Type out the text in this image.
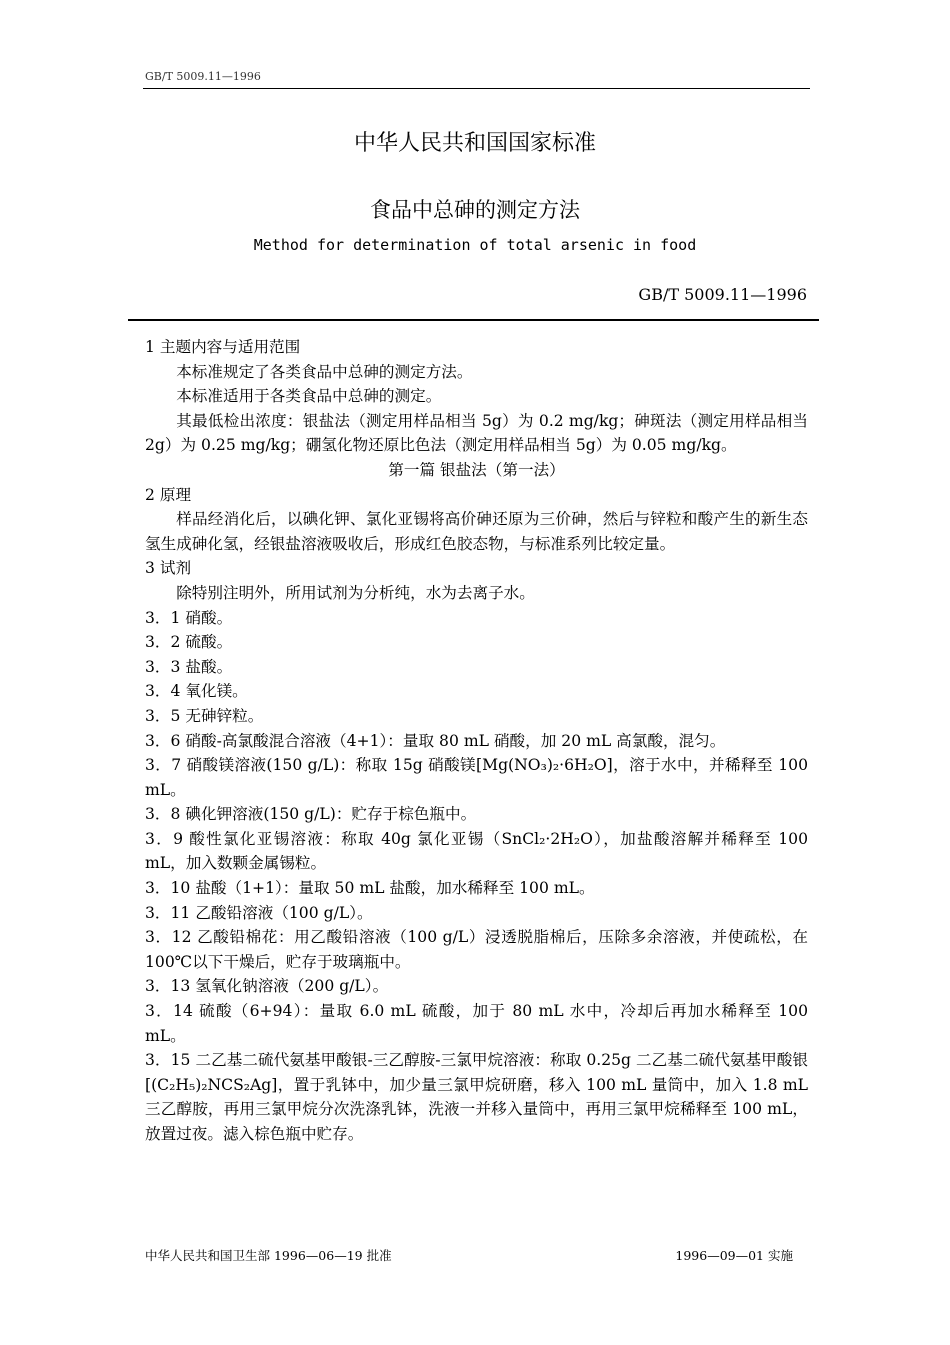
GB/T 5009.11—1996
中华人民共和国国家标准
食品中总砷的测定方法
Method for determination of total arsenic in food
GB/T 5009.11—1996

1 主题内容与适用范围

本标准规定了各类食品中总砷的测定方法。

本标准适用于各类食品中总砷的测定。

其最低检出浓度：银盐法（测定用样品相当 5g）为 0.2 mg/kg；砷斑法（测定用样品相当 2g）为 0.25 mg/kg；硼氢化物还原比色法（测定用样品相当 5g）为 0.05 mg/kg。

第一篇 银盐法（第一法）

2 原理

样品经消化后，以碘化钾、氯化亚锡将高价砷还原为三价砷，然后与锌粒和酸产生的新生态氢生成砷化氢，经银盐溶液吸收后，形成红色胶态物，与标准系列比较定量。

3 试剂

除特别注明外，所用试剂为分析纯，水为去离子水。

3．1 硝酸。

3．2 硫酸。

3．3 盐酸。

3．4 氧化镁。

3．5 无砷锌粒。

3．6 硝酸-高氯酸混合溶液（4+1）：量取 80 mL 硝酸，加 20 mL 高氯酸，混匀。

3．7 硝酸镁溶液(150 g/L)：称取 15g 硝酸镁[Mg(NO₃)₂·6H₂O]，溶于水中，并稀释至 100 mL。

3．8 碘化钾溶液(150 g/L)：贮存于棕色瓶中。

3．9 酸性氯化亚锡溶液：称取 40g 氯化亚锡（SnCl₂·2H₂O），加盐酸溶解并稀释至 100 mL，加入数颗金属锡粒。

3．10 盐酸（1+1）：量取 50 mL 盐酸，加水稀释至 100 mL。

3．11 乙酸铅溶液（100 g/L）。

3．12 乙酸铅棉花：用乙酸铅溶液（100 g/L）浸透脱脂棉后，压除多余溶液，并使疏松，在 100℃以下干燥后，贮存于玻璃瓶中。

3．13 氢氧化钠溶液（200 g/L）。

3．14 硫酸（6+94）：量取 6.0 mL 硫酸，加于 80 mL 水中，冷却后再加水稀释至 100 mL。

3．15 二乙基二硫代氨基甲酸银-三乙醇胺-三氯甲烷溶液：称取 0.25g 二乙基二硫代氨基甲酸银[(C₂H₅)₂NCS₂Ag]，置于乳钵中，加少量三氯甲烷研磨，移入 100 mL 量筒中，加入 1.8 mL 三乙醇胺，再用三氯甲烷分次洗涤乳钵，洗液一并移入量筒中，再用三氯甲烷稀释至 100 mL，放置过夜。滤入棕色瓶中贮存。

中华人民共和国卫生部 1996—06—19 批准	1996—09—01 实施
